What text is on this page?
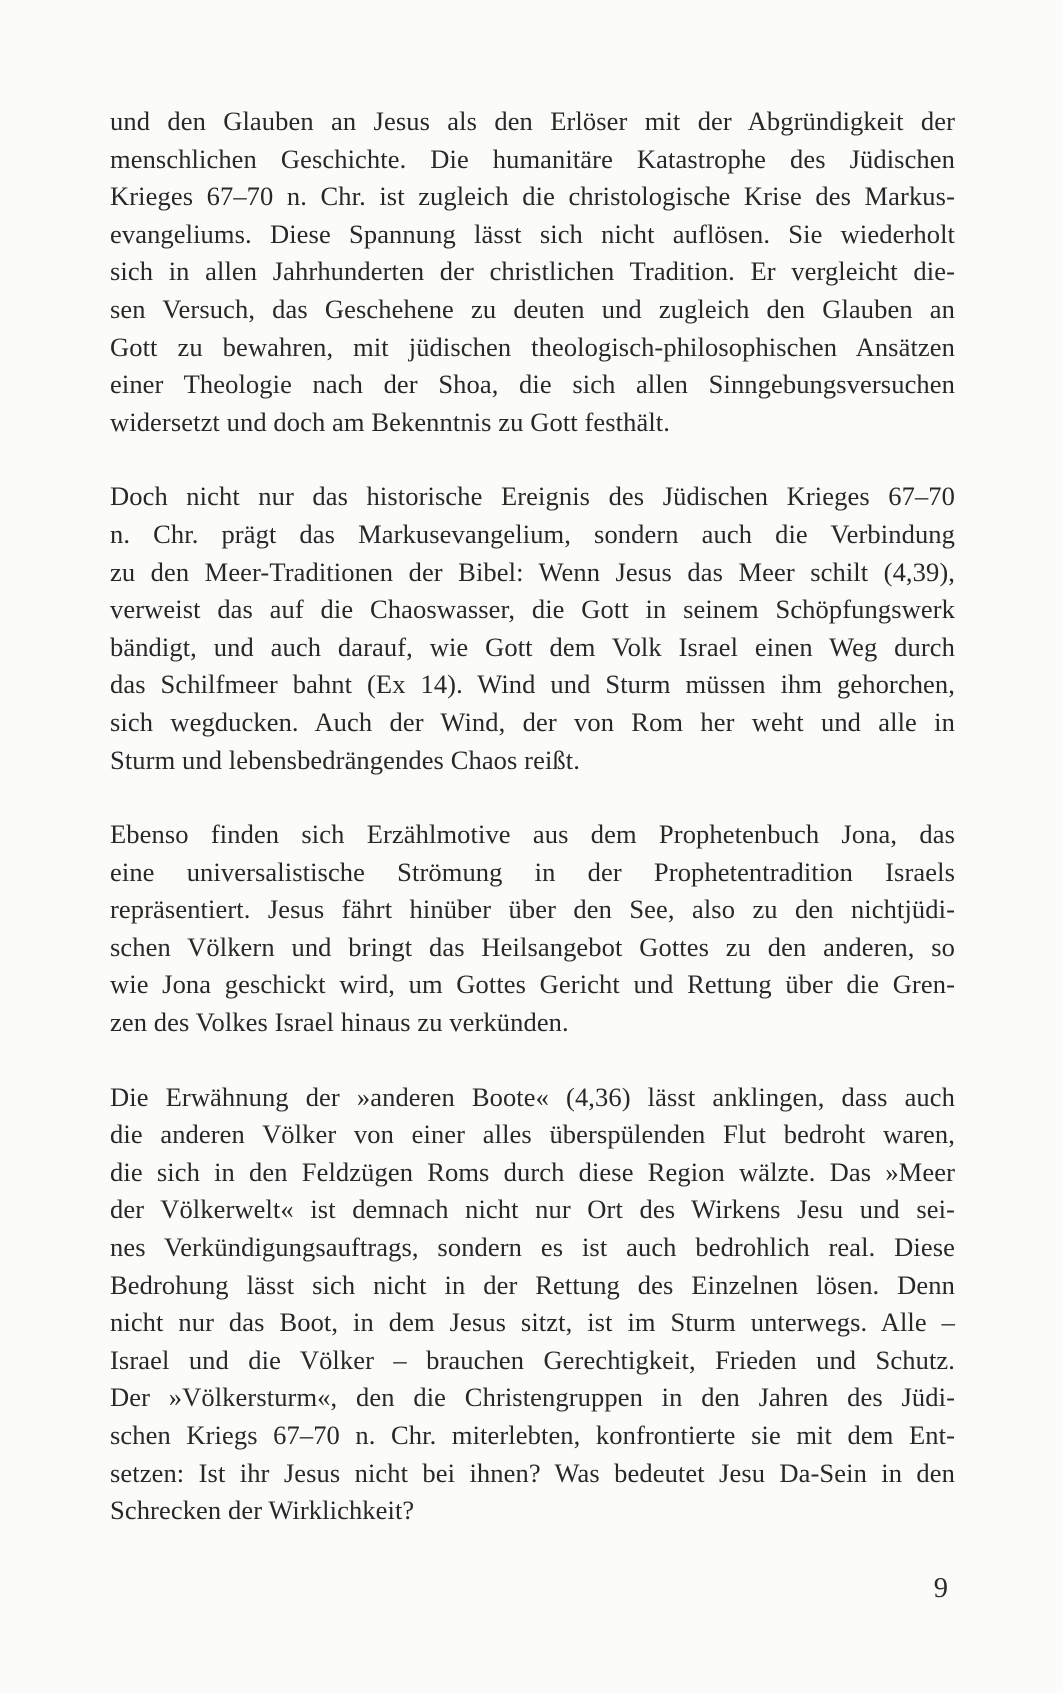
und den Glauben an Jesus als den Erlöser mit der Abgründigkeit der
menschlichen Geschichte. Die humanitäre Katastrophe des Jüdischen
Krieges 67–70 n. Chr. ist zugleich die christologische Krise des Markus-
evangeliums. Diese Spannung lässt sich nicht auflösen. Sie wiederholt
sich in allen Jahrhunderten der christlichen Tradition. Er vergleicht die-
sen Versuch, das Geschehene zu deuten und zugleich den Glauben an
Gott zu bewahren, mit jüdischen theologisch-philosophischen Ansätzen
einer Theologie nach der Shoa, die sich allen Sinngebungsversuchen
widersetzt und doch am Bekenntnis zu Gott festhält.

Doch nicht nur das historische Ereignis des Jüdischen Krieges 67–70
n. Chr. prägt das Markusevangelium, sondern auch die Verbindung
zu den Meer-Traditionen der Bibel: Wenn Jesus das Meer schilt (4,39),
verweist das auf die Chaoswasser, die Gott in seinem Schöpfungswerk
bändigt, und auch darauf, wie Gott dem Volk Israel einen Weg durch
das Schilfmeer bahnt (Ex 14). Wind und Sturm müssen ihm gehorchen,
sich wegducken. Auch der Wind, der von Rom her weht und alle in
Sturm und lebensbedrängendes Chaos reißt.

Ebenso finden sich Erzählmotive aus dem Prophetenbuch Jona, das
eine universalistische Strömung in der Prophetentradition Israels
repräsentiert. Jesus fährt hinüber über den See, also zu den nichtjüdi-
schen Völkern und bringt das Heilsangebot Gottes zu den anderen, so
wie Jona geschickt wird, um Gottes Gericht und Rettung über die Gren-
zen des Volkes Israel hinaus zu verkünden.

Die Erwähnung der »anderen Boote« (4,36) lässt anklingen, dass auch
die anderen Völker von einer alles überspülenden Flut bedroht waren,
die sich in den Feldzügen Roms durch diese Region wälzte. Das »Meer
der Völkerwelt« ist demnach nicht nur Ort des Wirkens Jesu und sei-
nes Verkündigungsauftrags, sondern es ist auch bedrohlich real. Diese
Bedrohung lässt sich nicht in der Rettung des Einzelnen lösen. Denn
nicht nur das Boot, in dem Jesus sitzt, ist im Sturm unterwegs. Alle –
Israel und die Völker – brauchen Gerechtigkeit, Frieden und Schutz.
Der »Völkersturm«, den die Christengruppen in den Jahren des Jüdi-
schen Kriegs 67–70 n. Chr. miterlebten, konfrontierte sie mit dem Ent-
setzen: Ist ihr Jesus nicht bei ihnen? Was bedeutet Jesu Da-Sein in den
Schrecken der Wirklichkeit?

9
